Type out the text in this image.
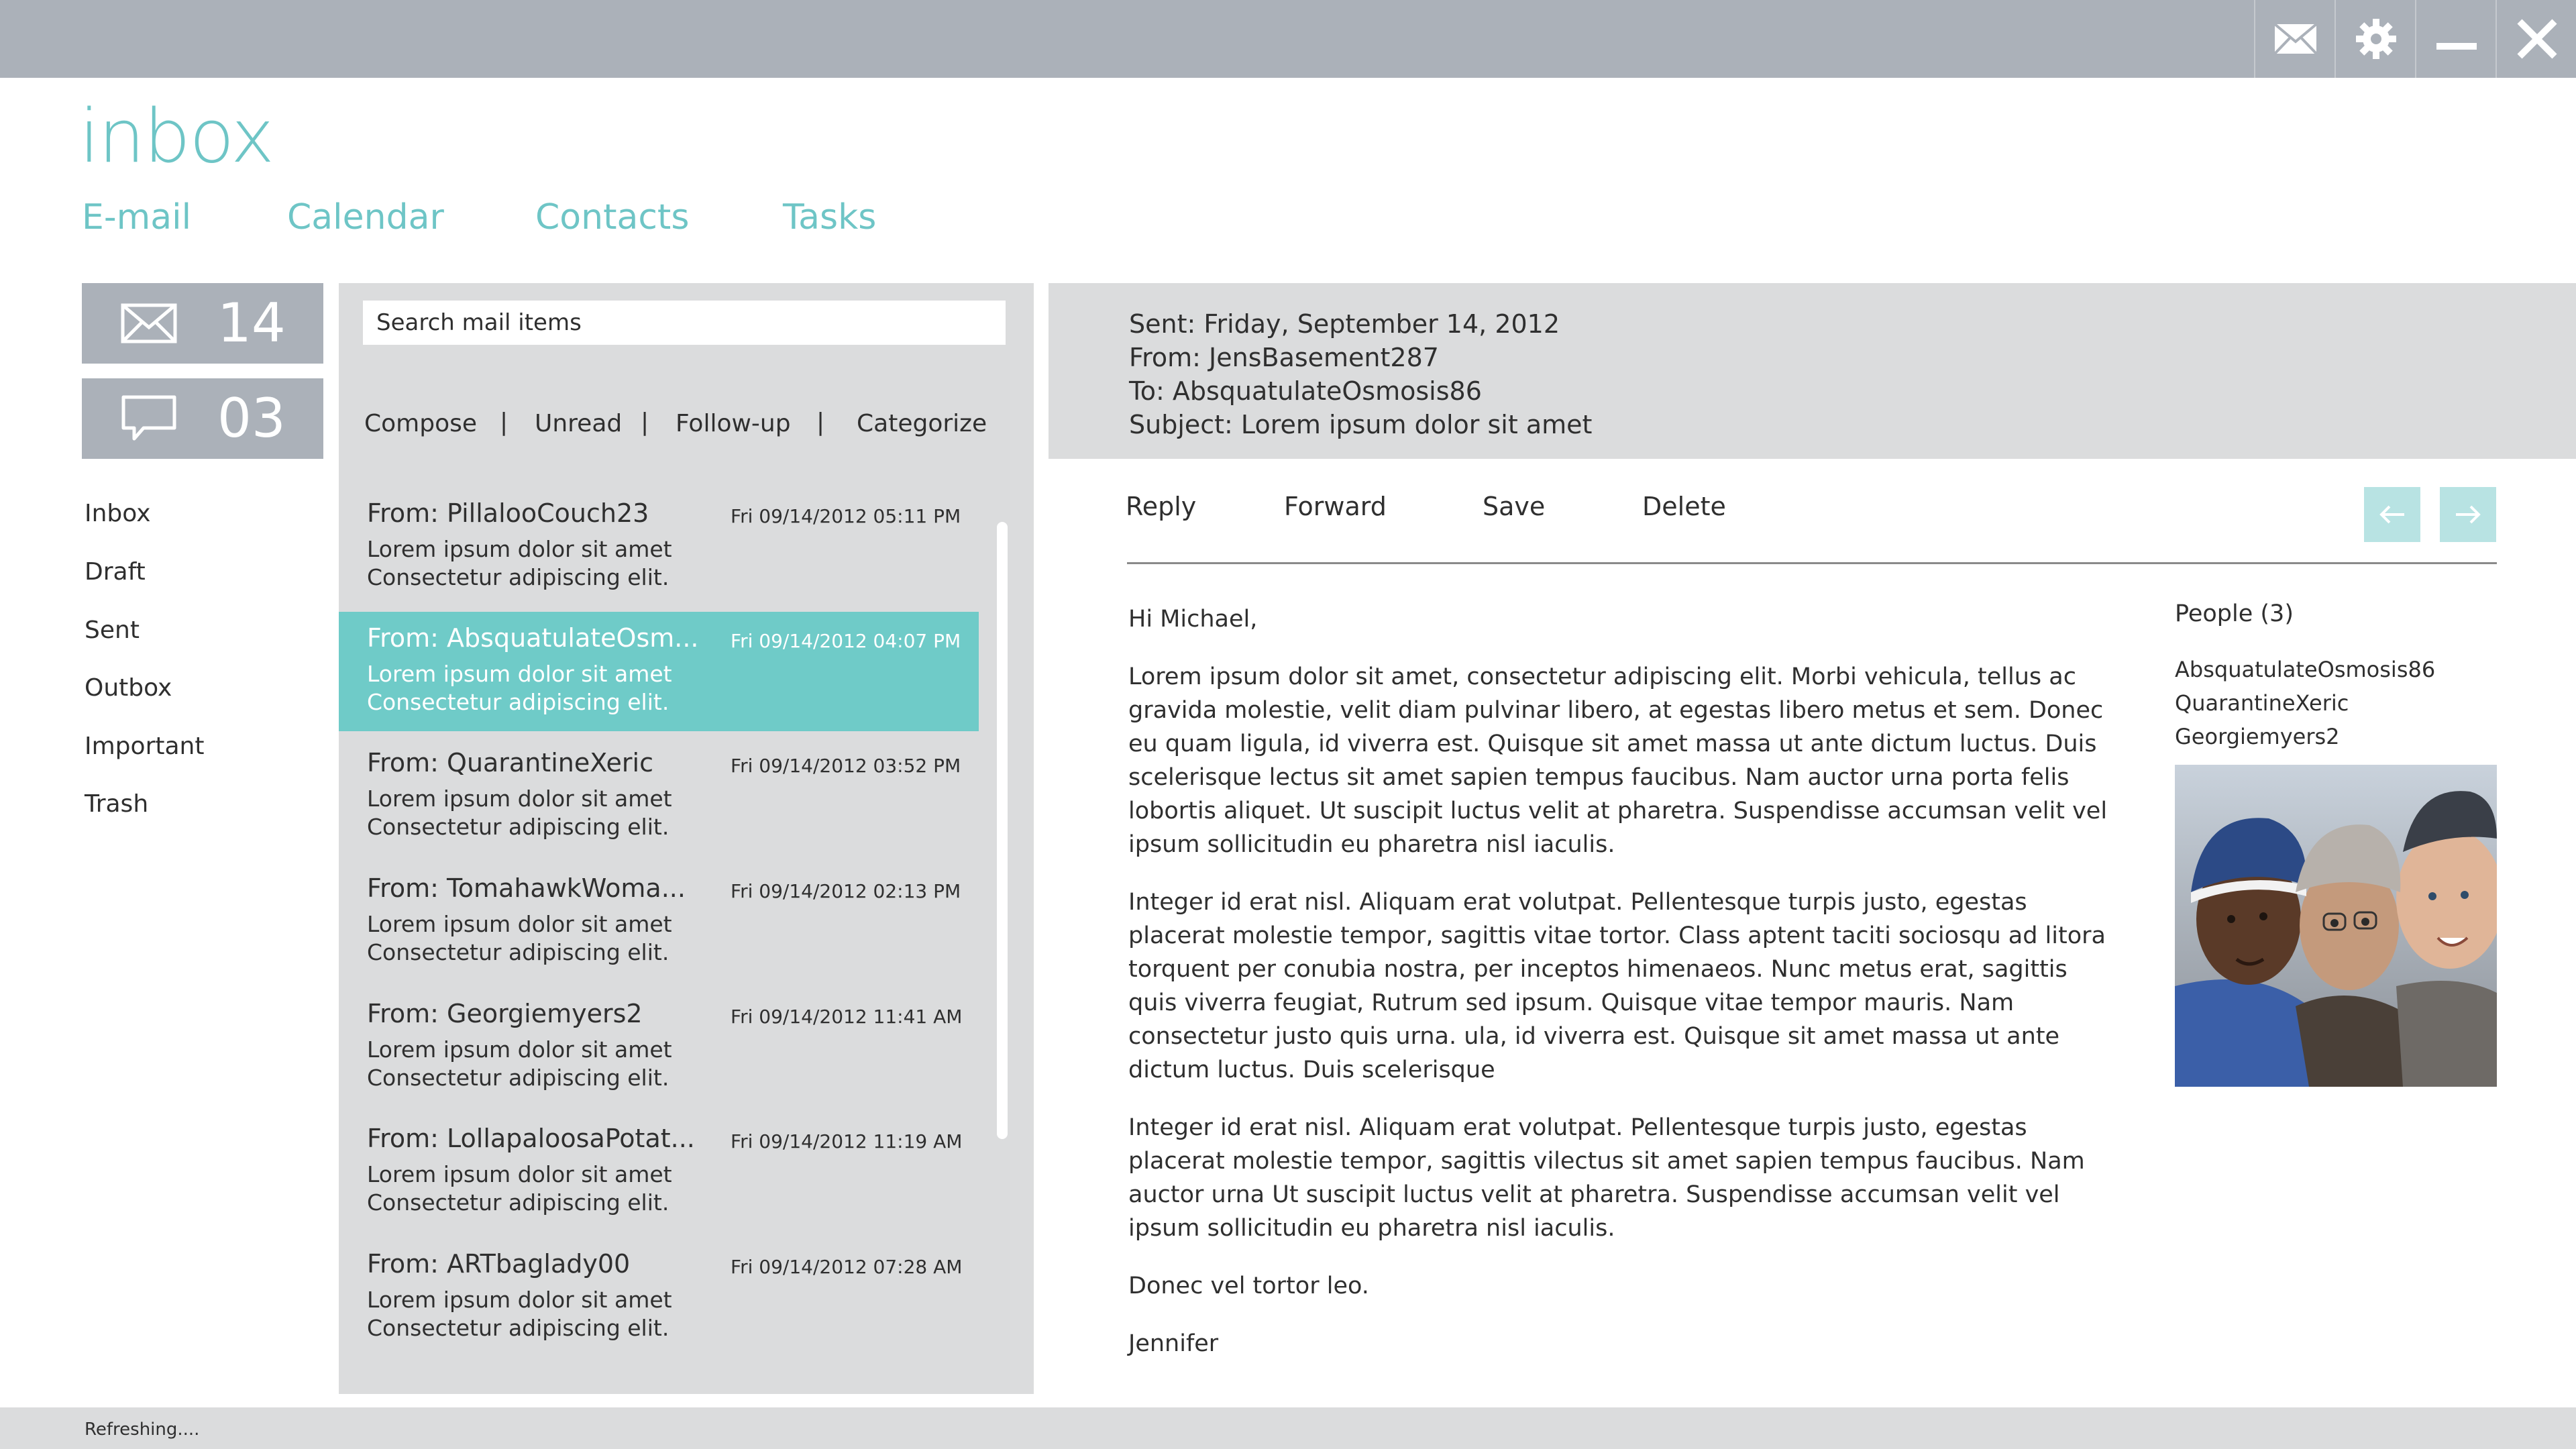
inbox
E-mail	Calendar	Contacts	Tasks
14
03
Inbox
Draft
Sent
Outbox
Important
Trash
Search mail items
Compose | Unread | Follow-up | Categorize
From: PillalooCouch23	Fri 09/14/2012 05:11 PM
Lorem ipsum dolor sit amet
Consectetur adipiscing elit.
From: AbsquatulateOsm... Fri 09/14/2012 04:07 PM
Lorem ipsum dolor sit amet
Consectetur adipiscing elit.
From: QuarantineXeric	Fri 09/14/2012 03:52 PM
Lorem ipsum dolor sit amet
Consectetur adipiscing elit.
From: TomahawkWoma... Fri 09/14/2012 02:13 PM
Lorem ipsum dolor sit amet
Consectetur adipiscing elit.
From: Georgiemyers2	Fri 09/14/2012 11:41 AM
Lorem ipsum dolor sit amet
Consectetur adipiscing elit.
From: LollapaloosaPotat... Fri 09/14/2012 11:19 AM
Lorem ipsum dolor sit amet
Consectetur adipiscing elit.
From: ARTbaglady00	Fri 09/14/2012 07:28 AM
Lorem ipsum dolor sit amet
Consectetur adipiscing elit.
Sent: Friday, September 14, 2012
From: JensBasement287
To: AbsquatulateOsmosis86
Subject: Lorem ipsum dolor sit amet
Reply	Forward	Save	Delete

Hi Michael,

Lorem ipsum dolor sit amet, consectetur adipiscing elit. Morbi vehicula, tellus ac gravida molestie, velit diam pulvinar libero, at egestas libero metus et sem. Donec eu quam ligula, id viverra est. Quisque sit amet massa ut ante dictum luctus. Duis scelerisque lectus sit amet sapien tempus faucibus. Nam auctor urna porta felis lobortis aliquet. Ut suscipit luctus velit at pharetra. Suspendisse accumsan velit vel ipsum sollicitudin eu pharetra nisl iaculis.

Integer id erat nisl. Aliquam erat volutpat. Pellentesque turpis justo, egestas placerat molestie tempor, sagittis vitae tortor. Class aptent taciti sociosqu ad litora torquent per conubia nostra, per inceptos himenaeos. Nunc metus erat, sagittis quis viverra feugiat, Rutrum sed ipsum. Quisque vitae tempor mauris. Nam consectetur justo quis urna. ula, id viverra est. Quisque sit amet massa ut ante dictum luctus. Duis scelerisque

Integer id erat nisl. Aliquam erat volutpat. Pellentesque turpis justo, egestas placerat molestie tempor, sagittis vilectus sit amet sapien tempus faucibus. Nam auctor urna Ut suscipit luctus velit at pharetra. Suspendisse accumsan velit vel ipsum sollicitudin eu pharetra nisl iaculis.

Donec vel tortor leo.

Jennifer

People (3)
AbsquatulateOsmosis86
QuarantineXeric
Georgiemyers2
Refreshing....
